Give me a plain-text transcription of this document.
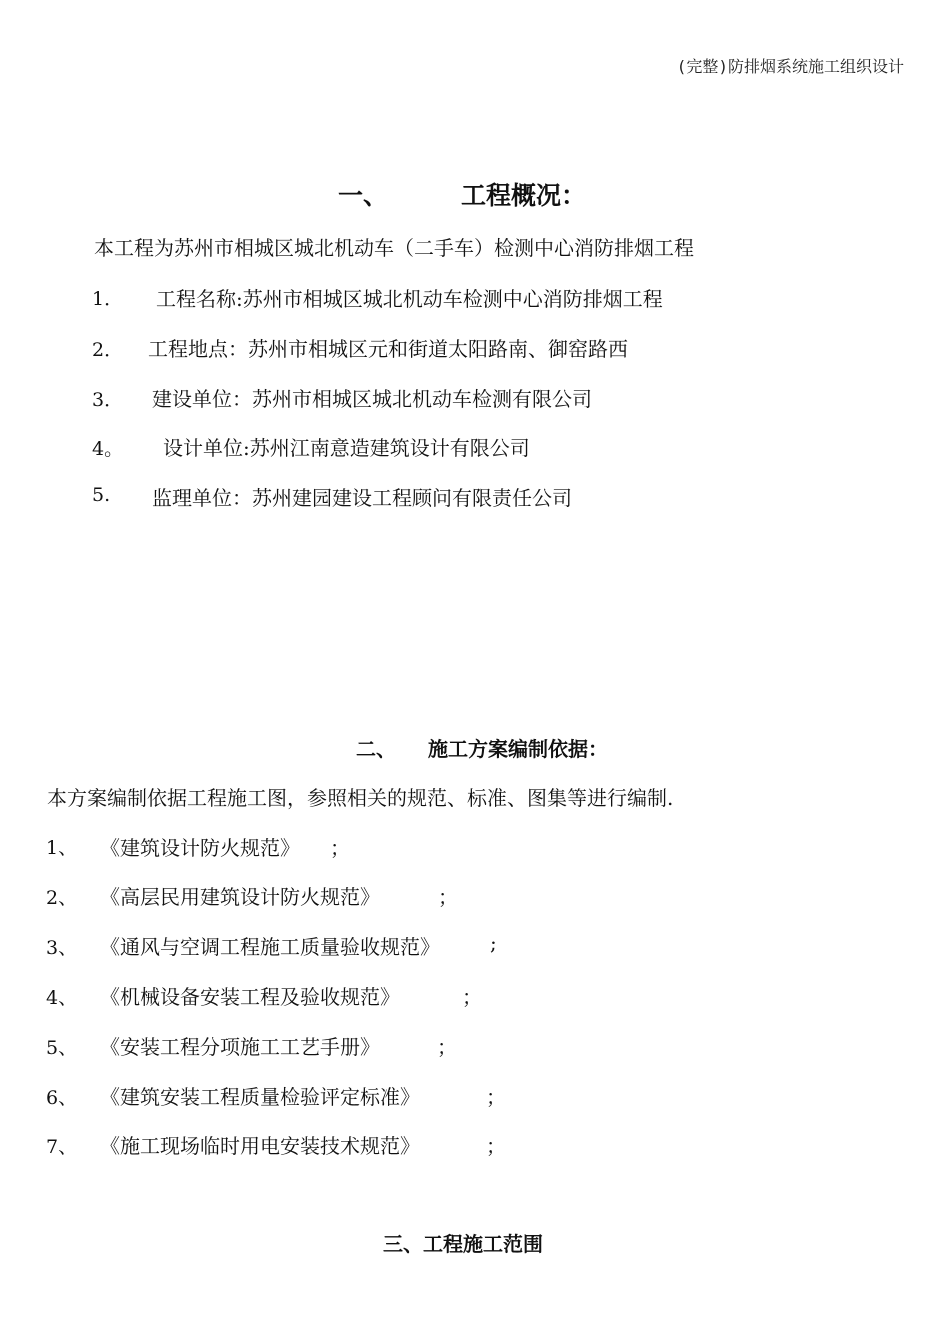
(完整)防排烟系统施工组织设计
一、	工程概况：
本工程为苏州市相城区城北机动车（二手车）检测中心消防排烟工程
1． 工程名称:苏州市相城区城北机动车检测中心消防排烟工程
2． 工程地点：苏州市相城区元和街道太阳路南、御窑路西
3． 建设单位：苏州市相城区城北机动车检测有限公司
4。 设计单位:苏州江南意造建筑设计有限公司
5. 监理单位：苏州建园建设工程顾问有限责任公司
二、 施工方案编制依据：
本方案编制依据工程施工图，参照相关的规范、标准、图集等进行编制.
1、 《建筑设计防火规范》 ；
2、 《高层民用建筑设计防火规范》	；
3、 《通风与空调工程施工质量验收规范》	;
4、 《机械设备安装工程及验收规范》	；
5、 《安装工程分项施工工艺手册》	；
6、 《建筑安装工程质量检验评定标准》	；
7、 《施工现场临时用电安装技术规范》	；
三、工程施工范围
